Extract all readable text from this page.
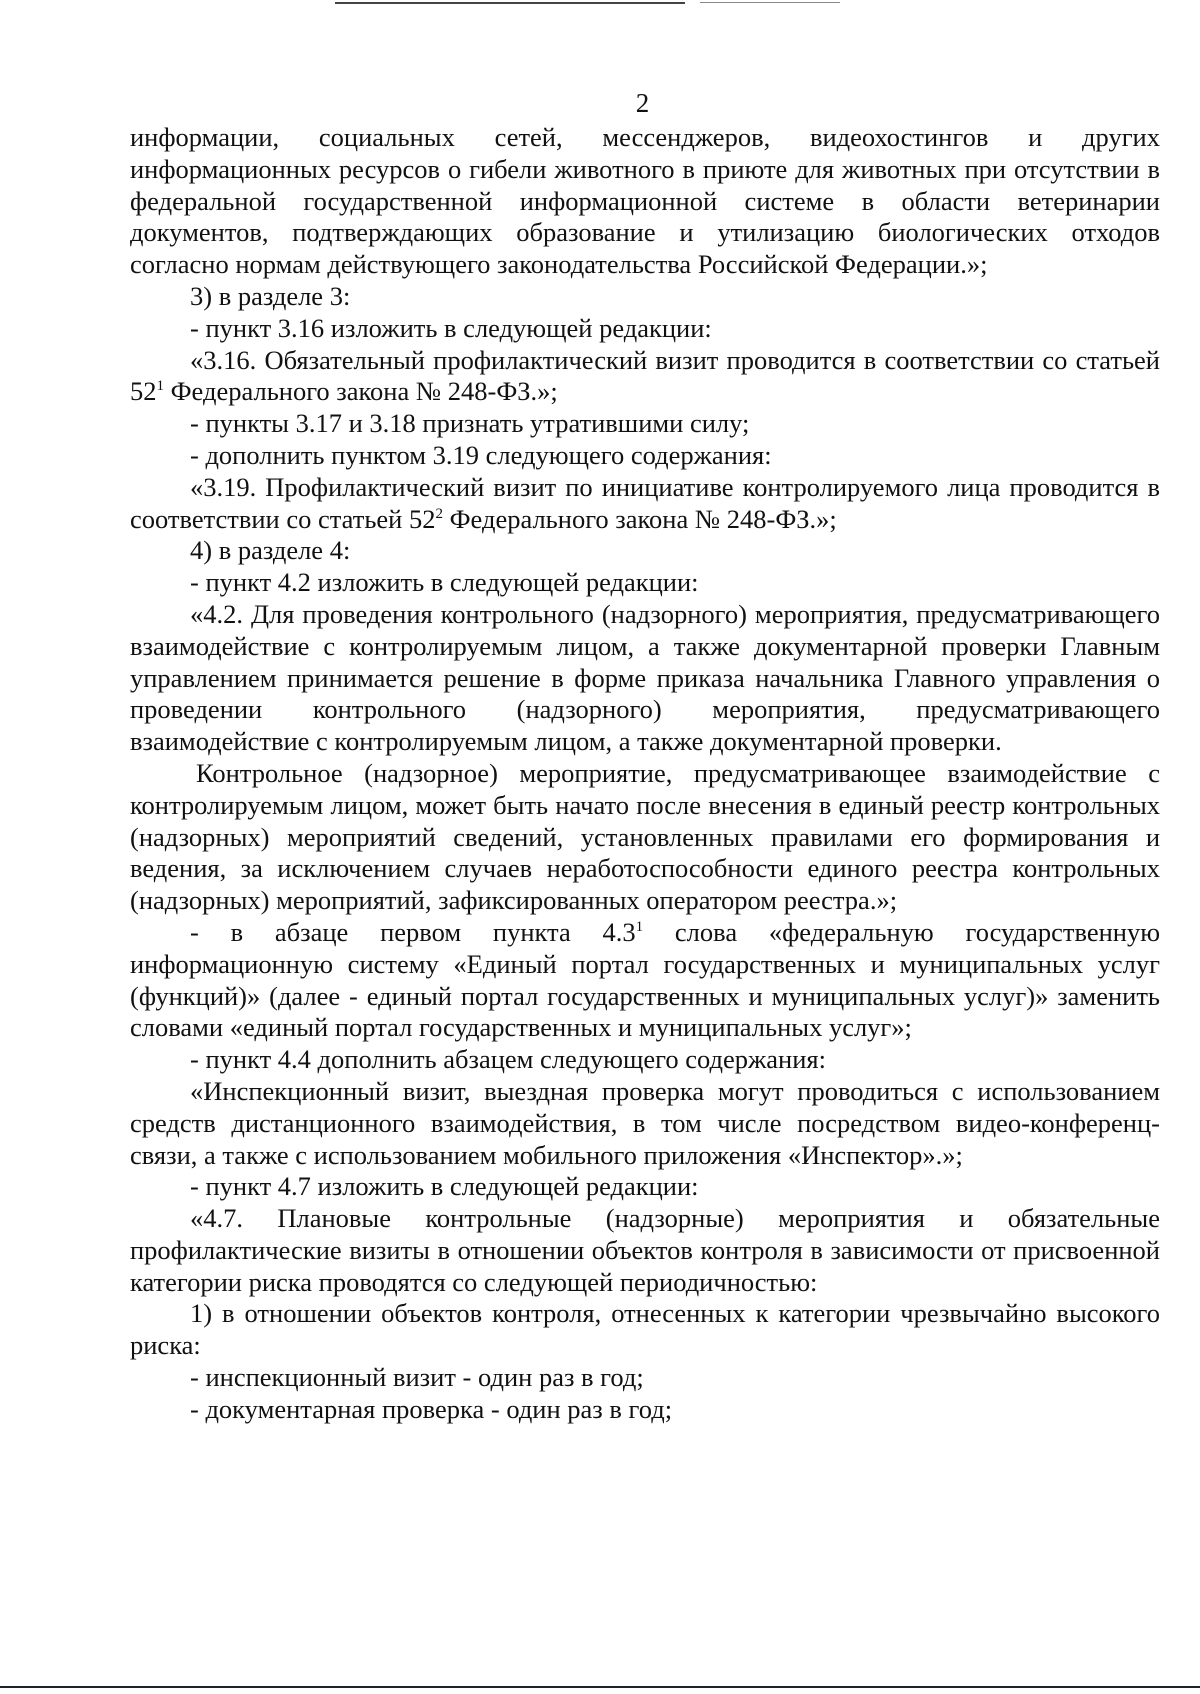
2

информации, социальных сетей, мессенджеров, видеохостингов и других информационных ресурсов о гибели животного в приюте для животных при отсутствии в федеральной государственной информационной системе в области ветеринарии документов, подтверждающих образование и утилизацию биологических отходов согласно нормам действующего законодательства Российской Федерации.»;

3) в разделе 3:

- пункт 3.16 изложить в следующей редакции:

«3.16. Обязательный профилактический визит проводится в соответствии со статьей $52^1$ Федерального закона № 248-ФЗ.»;

- пункты 3.17 и 3.18 признать утратившими силу;

- дополнить пунктом 3.19 следующего содержания:

«3.19. Профилактический визит по инициативе контролируемого лица проводится в соответствии со статьей $52^2$ Федерального закона № 248-ФЗ.»;

4) в разделе 4:

- пункт 4.2 изложить в следующей редакции:

«4.2. Для проведения контрольного (надзорного) мероприятия, предусматривающего взаимодействие с контролируемым лицом, а также документарной проверки Главным управлением принимается решение в форме приказа начальника Главного управления о проведении контрольного (надзорного) мероприятия, предусматривающего взаимодействие с контролируемым лицом, а также документарной проверки.

Контрольное (надзорное) мероприятие, предусматривающее взаимодействие с контролируемым лицом, может быть начато после внесения в единый реестр контрольных (надзорных) мероприятий сведений, установленных правилами его формирования и ведения, за исключением случаев неработоспособности единого реестра контрольных (надзорных) мероприятий, зафиксированных оператором реестра.»;

- в абзаце первом пункта $4.3^1$ слова «федеральную государственную информационную систему «Единый портал государственных и муниципальных услуг (функций)» (далее - единый портал государственных и муниципальных услуг)» заменить словами «единый портал государственных и муниципальных услуг»;

- пункт 4.4 дополнить абзацем следующего содержания:

«Инспекционный визит, выездная проверка могут проводиться с использованием средств дистанционного взаимодействия, в том числе посредством видео-конференц-связи, а также с использованием мобильного приложения «Инспектор».»;

- пункт 4.7 изложить в следующей редакции:

«4.7. Плановые контрольные (надзорные) мероприятия и обязательные профилактические визиты в отношении объектов контроля в зависимости от присвоенной категории риска проводятся со следующей периодичностью:

1) в отношении объектов контроля, отнесенных к категории чрезвычайно высокого риска:

- инспекционный визит - один раз в год;

- документарная проверка - один раз в год;
